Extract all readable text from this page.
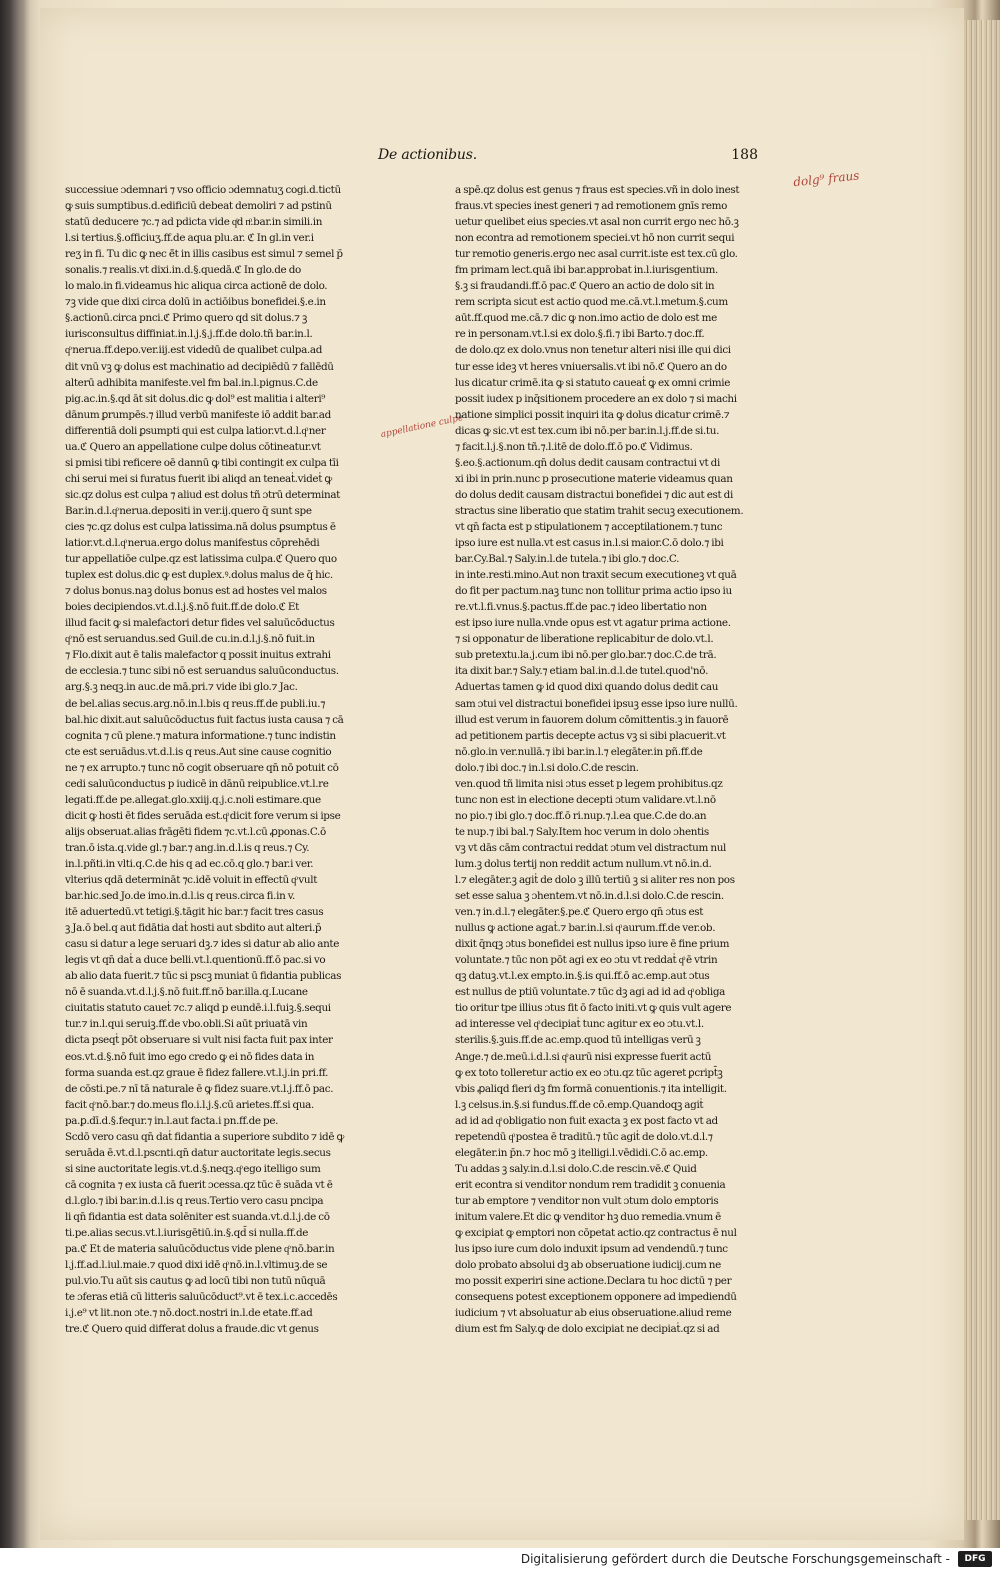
De actionibus.	188
dolg⁹ fraus
appellatione culpe
successiue ɔdemnari ⁊ vso officio ɔdemnatuʒ cogi.d.tictū
ꝙ suis sumptibus.d.edificiū debeat demoliri ⁊ ad pstinū
statū deducere ⁊c.⁊ ad pdicta vide qͦd nͦ.bar.in simili.in
l.si tertius.§.officiuʒ.ff.de aqua plu.ar. ℭ In gl.in ver.i
reʒ in fi. Tu dic ꝙ nec ē̄t in illis casibus est simul ⁊ semel p̄
sonalis.⁊ realis.vt dixi.in.d.§.quedā.ℭ In glo.de do
lo malo.in fi.videamus hic aliqua circa actionē de dolo.
⁊ꝫ vide que dixi circa dolū in actiōibus bonefidei.§.e.in
§.actionū.circa pnci.ℭ Primo quero qd sit dolus.⁊ ꝫ
iurisconsultus diffiniat.in.l.j.§.j.ff.de dolo.tñ bar.in.l.
qͦ nerua.ff.depo.ver.iij.est videdū de qualibet culpa.ad
dit vnū vꝫ ꝙ dolus est machinatio ad decipiēdū ⁊ fallēdū
alterū adhibita manifeste.vel fm bal.in.l.pignus.C.de
pig.ac.in.§.qd āt sit dolus.dic ꝙ dol⁹ est malitia i alteri⁹
dānum ꝑrumpēs.⁊ illud verbū manifeste iō addit bar.ad
differentiā doli ꝑsumpti qui est culpa latior.vt.d.l.qͦ ner
ua.ℭ Quero an appellatione culpe dolus cōtineatur.vt
si pmisi tibi reficere oē dannū ꝙ tibi contingit ex culpa tīi
chi serui mei si furatus fuerit ibi aliqd an teneaṫ.videṫ ꝙ
sic.qz dolus est culpa ⁊ aliud est dolus tñ ɔtrū determinat
Bar.in.d.l.qͦ nerua.depositi in ver.ij.quero q̄ sunt spe
cies ⁊c.qz dolus est culpa latissima.nā dolus ꝑsumptus ē
latior.vt.d.l.qͦ nerua.ergo dolus manifestus cōprehēdi
tur appellatiōe culpe.qz est latissima culpa.ℭ Quero quo
tuplex est dolus.dic ꝙ est duplex.ꝰ.dolus malus de q̄ hic.
⁊ dolus bonus.naꝫ dolus bonus est ad hostes vel malos
boies decipiendos.vt.d.l.j.§.nō fuit.ff.de dolo.ℭ Et
illud facit ꝙ si malefactori detur fides vel saluūcōductus
qͦ nō est seruandus.sed Guil.de cu.in.d.l.j.§.nō fuit.in
⁊ Flo.dixit aut ē talis malefactor q possit inuitus extrahi
de ecclesia.⁊ tunc sibi nō est seruandus saluūconductus.
arg.§.ꝫ neqꝫ.in auc.de mā.pri.⁊ vide ibi glo.⁊ Jac.
de bel.alias secus.arg.nō.in.l.bis q reus.ff.de publi.iu.⁊
bal.hic dixit.aut saluūcōductus fuit factus iusta causa ⁊ cā
cognita ⁊ cū plene.⁊ matura informatione.⁊ tunc indistin
cte est seruādus.vt.d.l.is q reus.Aut sine cause cognitio
ne ⁊ ex arrupto.⁊ tunc nō cogit obseruare qn̄ nō potuit cō
cedi saluūconductus p iudicē in dānū reipublice.vt.l.re
legati.ff.de pe.allegat.glo.xxiij.q.j.c.noli estimare.que
dicit ꝙ hosti ēt fides seruāda est.qͦ dicit fore verum si ipse
alijs obseruat.alias frāgēti fidem ⁊c.vt.l.cū ꝓponas.C.ō
tran.ō ista.q.vide gl.⁊ bar.⁊ ang.in.d.l.is q reus.⁊ Cy.
in.l.pñti.in vlti.q.C.de his q ad ec.cō.q glo.⁊ bar.i ver.
vlterius qdā determināt ⁊c.idē voluit in effectū qͦ vult
bar.hic.sed Jo.de imo.in.d.l.is q reus.circa fi.in v.
itē aduertedū.vt tetigi.§.tāgit hic bar.⁊ facit tres casus
ꝫ Ja.ō bel.q aut fidātia daṫ hosti aut sbdito aut alteri.p̄
casu si datur a lege seruari dꝫ.⁊ ides si datur ab alio ante
legis vt qn̄ daṫ a duce belli.vt.l.quentionū.ff.ō pac.si vo
ab alio data fuerit.⁊ tūc si pscꝫ muniat ū fidantia publicas
nō ē suanda.vt.d.l.j.§.nō fuit.ff.nō bar.illa.q.Lucane
ciuitatis statuto caueṫ ⁊c.⁊ aliqd p eundē.i.l.fuiꝫ.§.sequi
tur.⁊ in.l.qui seruiꝫ.ff.de vbo.obli.Si aūt priuatā vin
dicta pseqṫ pōt obseruare si vult nisi facta fuit pax inter
eos.vt.d.§.nō fuit imo ego credo ꝙ ei nō fides data in
forma suanda est.qz graue ē fidez fallere.vt.l.j.in pri.ff.
de cōsti.pe.⁊ nī tā naturale ē ꝙ fidez suare.vt.l.j.ff.ō pac.
facit qͦ nō.bar.⁊ do.meus flo.i.l.j.§.cū arietes.ff.si qua.
pa.ꝑ.dī.d.§.fequr.⁊ in.l.aut facta.i pn.ff.de pe.
Scdō vero casu qn̄ daṫ fidantia a superiore subdito ⁊ idē ꝙ
seruāda ē.vt.d.l.pscnti.qn̄ datur auctoritate legis.secus
si sine auctoritate legis.vt.d.§.neqꝫ.qͦ ego itelligo sum
cā cognita ⁊ ex iusta cā fuerit ɔcessa.qz tūc ē suāda vt ē
d.l.glo.⁊ ibi bar.in.d.l.is q reus.Tertio vero casu pncipa
li qn̄ fidantia est data solēniter est suanda.vt.d.l.j.de cō
ti.pe.alias secus.vt.l.iurisgētiū.in.§.qd̄ si nulla.ff.de
pa.ℭ Et de materia saluūcōductus vide plene qͦ nō.bar.in
l.j.ff.ad.l.iul.maie.⁊ quod dixi idē qͦ nō.in.l.vltimuꝫ.de se
pul.vio.Tu aūt sis cautus ꝙ ad locū tibi non tutū nūquā
te ɔferas etiā cū litteris saluūcōduct⁹.vt ē tex.i.c.accedēs
i.j.e⁹ vt lit.non ɔte.⁊ nō.doct.nostri in.l.de etate.ff.ad
tre.ℭ Quero quid differat dolus a fraude.dic vt genus
a spē.qz dolus est genus ⁊ fraus est species.vñ in dolo inest
fraus.vt species inest generi ⁊ ad remotionem gnīs remo
uetur quelibet eius species.vt asal non currit ergo nec hō.ꝫ
non econtra ad remotionem speciei.vt hō non currit sequi
tur remotio generis.ergo nec asal currit.iste est tex.cū glo.
fm primam lect.quā ibi bar.approbat in.l.iurisgentium.
§.ꝫ si fraudandi.ff.ō pac.ℭ Quero an actio de dolo sit in
rem scripta sicut est actio quod me.cā.vt.l.metum.§.cum
aūt.ff.quod me.cā.⁊ dic ꝙ non.imo actio de dolo est me
re in personam.vt.l.si ex dolo.§.fi.⁊ ibi Barto.⁊ doc.ff.
de dolo.qz ex dolo.vnus non tenetur alteri nisi ille qui dici
tur esse ideꝫ vt heres vniuersalis.vt ibi nō.ℭ Quero an do
lus dicatur crimē.ita ꝙ si statuto caueaṫ ꝙ ex omni crimie
possit iudex p inq̄sitionem procedere an ex dolo ⁊ si machi
natione simplici possit inquiri ita ꝙ dolus dicatur crimē.⁊
dicas ꝙ sic.vt est tex.cum ibi nō.per bar.in.l.j.ff.de si.tu.
⁊ facit.l.j.§.non tñ.⁊.l.itē de dolo.ff.ō po.ℭ Vidimus.
§.eo.§.actionum.qn̄ dolus dedit causam contractui vt di
xi ibi in prin.nunc p prosecutione materie videamus quan
do dolus dedit causam distractui bonefidei ⁊ dic aut est di
stractus sine liberatio que statim trahit secuꝫ executionem.
vt qn̄ facta est p stipulationem ⁊ acceptilationem.⁊ tunc
ipso iure est nulla.vt est casus in.l.si maior.C.ō dolo.⁊ ibi
bar.Cy.Bal.⁊ Saly.in.l.de tutela.⁊ ibi glo.⁊ doc.C.
in inte.resti.mino.Aut non traxit secum executioneꝫ vt quā
do fit per pactum.naꝫ tunc non tollitur prima actio ipso iu
re.vt.l.fi.vnus.§.pactus.ff.de pac.⁊ ideo libertatio non
est ipso iure nulla.vnde opus est vt agatur prima actione.
⁊ si opponatur de liberatione replicabitur de dolo.vt.l.
sub pretextu.la.j.cum ibi nō.per glo.bar.⁊ doc.C.de trā.
ita dixit bar.⁊ Saly.⁊ etiam bal.in.d.l.de tutel.quod'nō.
Aduertas tamen ꝙ id quod dixi quando dolus dedit cau
sam ɔtui vel distractui bonefidei ipsuꝫ esse ipso iure nullū.
illud est verum in fauorem dolum cōmittentis.ꝫ in fauorē
ad petitionem partis decepte actus vꝫ si sibi placuerit.vt
nō.glo.in ver.nullā.⁊ ibi bar.in.l.⁊ elegāter.in pñ.ff.de
dolo.⁊ ibi doc.⁊ in.l.si dolo.C.de rescin.
ven.quod tñ limita nisi ɔtus esset p legem prohibitus.qz
tunc non est in electione decepti ɔtum validare.vt.l.nō
no pio.⁊ ibi glo.⁊ doc.ff.ō ri.nup.⁊.l.ea que.C.de do.an
te nup.⁊ ibi bal.⁊ Saly.Item hoc verum in dolo ɔhentis
vꝫ vt dās cām contractui reddat ɔtum vel distractum nul
lum.ꝫ dolus tertij non reddit actum nullum.vt nō.in.d.
l.⁊ elegāter.ꝫ agiṫ de dolo ꝫ illū tertiū ꝫ si aliter res non pos
set esse salua ꝫ ɔhentem.vt nō.in.d.l.si dolo.C.de rescin.
ven.⁊ in.d.l.⁊ elegāter.§.pe.ℭ Quero ergo qn̄ ɔtus est
nullus ꝙ actione agaṫ.⁊ bar.in.l.si qͦ aurum.ff.de ver.ob.
dixit q̄nqꝫ ɔtus bonefidei est nullus ipso iure ē fine prium
voluntate.⁊ tūc non pōt agi ex eo ɔtu vt reddaṫ qͦ ē vtrin
qꝫ datuꝫ.vt.l.ex empto.in.§.is qui.ff.ō ac.emp.aut ɔtus
est nullus de ptiū voluntate.⁊ tūc dꝫ agi ad id ad qͦ obliga
tio oritur tpe illius ɔtus fit ō facto initi.vt ꝙ quis vult agere
ad interesse vel qͦ decipiaṫ tunc agitur ex eo ɔtu.vt.l.
sterilis.§.ꝫuis.ff.de ac.emp.quod tū intelligas verū ꝫ
Ange.⁊ de.meū.i.d.l.si qͦ aurū nisi expresse fuerit actū
ꝙ ex toto tolleretur actio ex eo ɔtu.qz tūc ageret ꝑcript̄ꝫ
vbis ꝓaliqd fieri dꝫ fm formā conuentionis.⁊ ita intelligit.
l.ꝫ celsus.in.§.si fundus.ff.de cō.emp.Quandoqꝫ agiṫ
ad id ad qͦ obligatio non fuit exacta ꝫ ex post facto vt ad
repetendū qͦ postea ē traditū.⁊ tūc agiṫ de dolo.vt.d.l.⁊
elegāter.in p̄n.⁊ hoc mō ꝫ itelligi.l.vēdidi.C.ō ac.emp.
Tu addas ꝫ saly.in.d.l.si dolo.C.de rescin.vē.ℭ Quid
erit econtra si venditor nondum rem tradidit ꝫ conuenia
tur ab emptore ⁊ venditor non vult ɔtum dolo emptoris
initum valere.Et dic ꝙ venditor hꝫ duo remedia.vnum ē
ꝙ excipiat ꝙ emptori non cōpetat actio.qz contractus ē nul
lus ipso iure cum dolo induxit ipsum ad vendendū.⁊ tunc
dolo probato absolui dꝫ ab obseruatione iudicij.cum ne
mo possit experiri sine actione.Declara tu hoc dictū ⁊ per
consequens potest exceptionem opponere ad impediendū
iudicium ⁊ vt absoluatur ab eius obseruatione.aliud reme
dium est fm Saly.ꝙ de dolo excipiat ne decipiaṫ.qz si ad
Digitalisierung gefördert durch die Deutsche Forschungsgemeinschaft -	DFG
